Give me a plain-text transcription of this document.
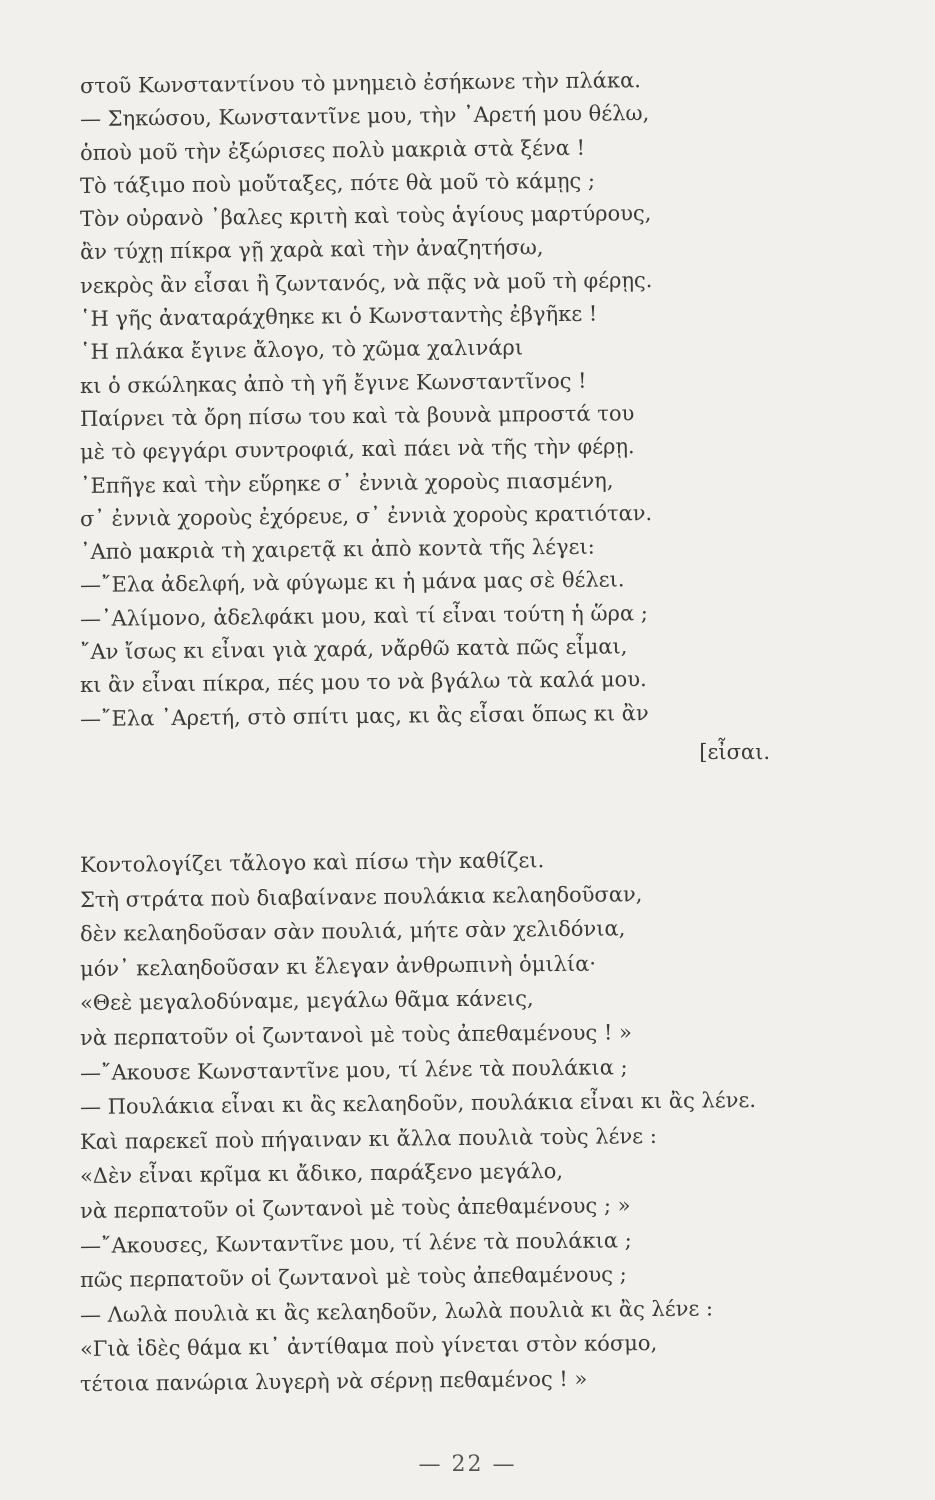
στοῦ Κωνσταντίνου τὸ μνημειὸ ἐσήκωνε τὴν πλάκα.
— Σηκώσου, Κωνσταντῖνε μου, τὴν ᾽Αρετή μου θέλω,
ὁποὺ μοῦ τὴν ἐξώρισες πολὺ μακριὰ στὰ ξένα !
Τὸ τάξιμο ποὺ μοὔταξες, πότε θὰ μοῦ τὸ κάμῃς ;
Τὸν οὐρανὸ ᾽βαλες κριτὴ καὶ τοὺς ἁγίους μαρτύρους,
ἂν τύχῃ πίκρα γῇ χαρὰ καὶ τὴν ἀναζητήσω,
νεκρὸς ἂν εἶσαι ἢ ζωντανός, νὰ πᾷς νὰ μοῦ τὴ φέρῃς.
῾Η γῆς ἀναταράχθηκε κι ὁ Κωνσταντὴς ἐβγῆκε !
῾Η πλάκα ἔγινε ἄλογο, τὸ χῶμα χαλινάρι
κι ὁ σκώληκας ἀπὸ τὴ γῆ ἔγινε Κωνσταντῖνος !
Παίρνει τὰ ὄρη πίσω του καὶ τὰ βουνὰ μπροστά του
μὲ τὸ φεγγάρι συντροφιά, καὶ πάει νὰ τῆς τὴν φέρῃ.
᾽Επῆγε καὶ τὴν εὕρηκε σ᾽ ἐννιὰ χοροὺς πιασμένη,
σ᾽ ἐννιὰ χοροὺς ἐχόρευε, σ᾽ ἐννιὰ χοροὺς κρατιόταν.
᾽Απὸ μακριὰ τὴ χαιρετᾷ κι ἀπὸ κοντὰ τῆς λέγει:
—῎Ελα ἀδελφή, νὰ φύγωμε κι ἡ μάνα μας σὲ θέλει.
—᾽Αλίμονο, ἀδελφάκι μου, καὶ τί εἶναι τούτη ἡ ὥρα ;
῎Αν ἴσως κι εἶναι γιὰ χαρά, νἄρθῶ κατὰ πῶς εἶμαι,
κι ἂν εἶναι πίκρα, πές μου το νὰ βγάλω τὰ καλά μου.
—῎Ελα ᾽Αρετή, στὸ σπίτι μας, κι ἂς εἶσαι ὅπως κι ἂν
[εἶσαι.
Κοντολογίζει τἄλογο καὶ πίσω τὴν καθίζει.
Στὴ στράτα ποὺ διαβαίνανε πουλάκια κελαηδοῦσαν,
δὲν κελαηδοῦσαν σὰν πουλιά, μήτε σὰν χελιδόνια,
μόν᾽ κελαηδοῦσαν κι ἔλεγαν ἀνθρωπινὴ ὁμιλία·
«Θεὲ μεγαλοδύναμε, μεγάλω θᾶμα κάνεις,
νὰ περπατοῦν οἱ ζωντανοὶ μὲ τοὺς ἀπεθαμένους ! »
—῎Ακουσε Κωνσταντῖνε μου, τί λένε τὰ πουλάκια ;
— Πουλάκια εἶναι κι ἂς κελαηδοῦν, πουλάκια εἶναι κι ἂς λένε.
Καὶ παρεκεῖ ποὺ πήγαιναν κι ἄλλα πουλιὰ τοὺς λένε :
«Δὲν εἶναι κρῖμα κι ἄδικο, παράξενο μεγάλο,
νὰ περπατοῦν οἱ ζωντανοὶ μὲ τοὺς ἀπεθαμένους ; »
—῎Ακουσες, Κωνταντῖνε μου, τί λένε τὰ πουλάκια ;
πῶς περπατοῦν οἱ ζωντανοὶ μὲ τοὺς ἀπεθαμένους ;
— Λωλὰ πουλιὰ κι ἂς κελαηδοῦν, λωλὰ πουλιὰ κι ἂς λένε :
«Γιὰ ἰδὲς θάμα κι᾽ ἀντίθαμα ποὺ γίνεται στὸν κόσμο,
τέτοια πανώρια λυγερὴ νὰ σέρνῃ πεθαμένος ! »
— 22 —
